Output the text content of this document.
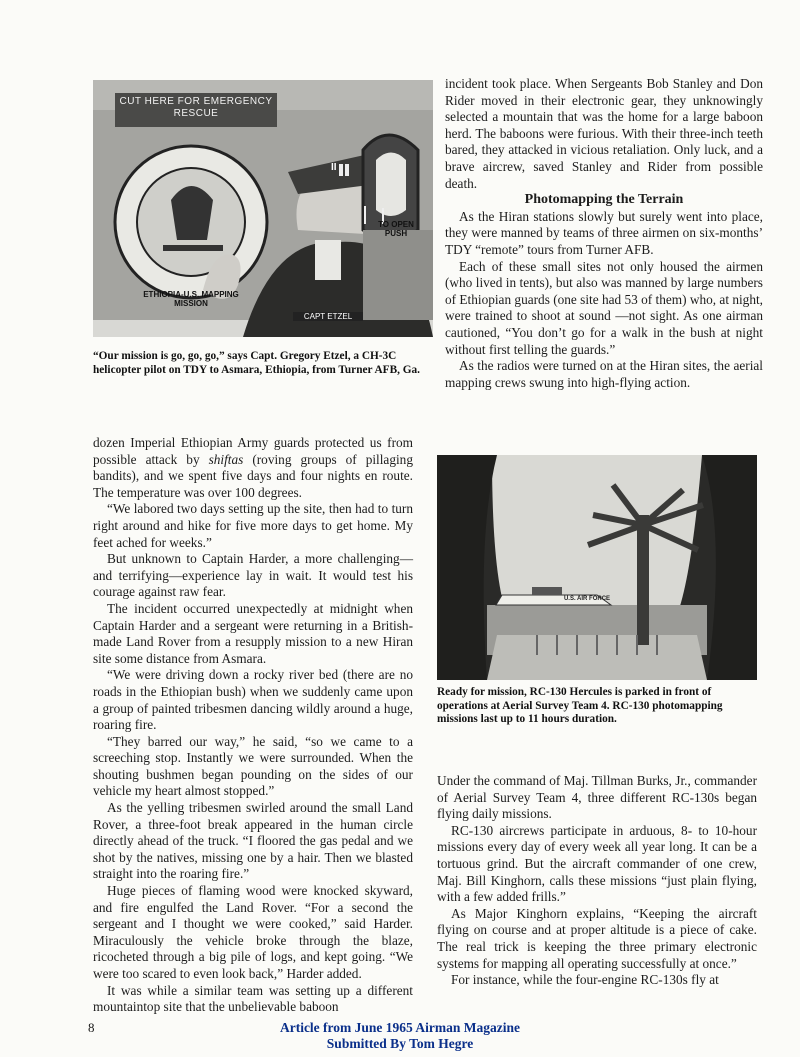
CUT HERE FOR EMERGENCY RESCUE
ETHIOPIA-U.S. MAPPING MISSION
II
TO OPEN PUSH
CAPT ETZEL
“Our mission is go, go, go,” says Capt. Gregory Etzel, a CH-3C helicopter pilot on TDY to Asmara, Ethiopia, from Turner AFB, Ga.

incident took place. When Sergeants Bob Stanley and Don Rider moved in their electronic gear, they unknowingly selected a mountain that was the home for a large baboon herd. The baboons were furious. With their three-inch teeth bared, they attacked in vicious retaliation. Only luck, and a brave aircrew, saved Stanley and Rider from possible death.

Photomapping the Terrain

As the Hiran stations slowly but surely went into place, they were manned by teams of three airmen on six-months’ TDY “remote” tours from Turner AFB.

Each of these small sites not only housed the airmen (who lived in tents), but also was manned by large numbers of Ethiopian guards (one site had 53 of them) who, at night, were trained to shoot at sound —not sight. As one airman cautioned, “You don’t go for a walk in the bush at night without first telling the guards.”

As the radios were turned on at the Hiran sites, the aerial mapping crews swung into high-flying action.

dozen Imperial Ethiopian Army guards protected us from possible attack by shiftas (roving groups of pillaging bandits), and we spent five days and four nights en route. The temperature was over 100 degrees.

“We labored two days setting up the site, then had to turn right around and hike for five more days to get home. My feet ached for weeks.”

But unknown to Captain Harder, a more challenging—and terrifying—experience lay in wait. It would test his courage against raw fear.

The incident occurred unexpectedly at midnight when Captain Harder and a sergeant were returning in a British-made Land Rover from a resupply mission to a new Hiran site some distance from Asmara.

“We were driving down a rocky river bed (there are no roads in the Ethiopian bush) when we suddenly came upon a group of painted tribesmen dancing wildly around a huge, roaring fire.

“They barred our way,” he said, “so we came to a screeching stop. Instantly we were surrounded. When the shouting bushmen began pounding on the sides of our vehicle my heart almost stopped.”

As the yelling tribesmen swirled around the small Land Rover, a three-foot break appeared in the human circle directly ahead of the truck. “I floored the gas pedal and we shot by the natives, missing one by a hair. Then we blasted straight into the roaring fire.”

Huge pieces of flaming wood were knocked skyward, and fire engulfed the Land Rover. “For a second the sergeant and I thought we were cooked,” said Harder. Miraculously the vehicle broke through the blaze, ricocheted through a big pile of logs, and kept going. “We were too scared to even look back,” Harder added.

It was while a similar team was setting up a different mountaintop site that the unbelievable baboon

U.S. AIR FORCE
Ready for mission, RC-130 Hercules is parked in front of operations at Aerial Survey Team 4. RC-130 photomapping missions last up to 11 hours duration.

Under the command of Maj. Tillman Burks, Jr., commander of Aerial Survey Team 4, three different RC-130s began flying daily missions.

RC-130 aircrews participate in arduous, 8- to 10-hour missions every day of every week all year long. It can be a tortuous grind. But the aircraft commander of one crew, Maj. Bill Kinghorn, calls these missions “just plain flying, with a few added frills.”

As Major Kinghorn explains, “Keeping the aircraft flying on course and at proper altitude is a piece of cake. The real trick is keeping the three primary electronic systems for mapping all operating successfully at once.”

For instance, while the four-engine RC-130s fly at

8	Article from June 1965 Airman Magazine
Submitted By Tom Hegre
